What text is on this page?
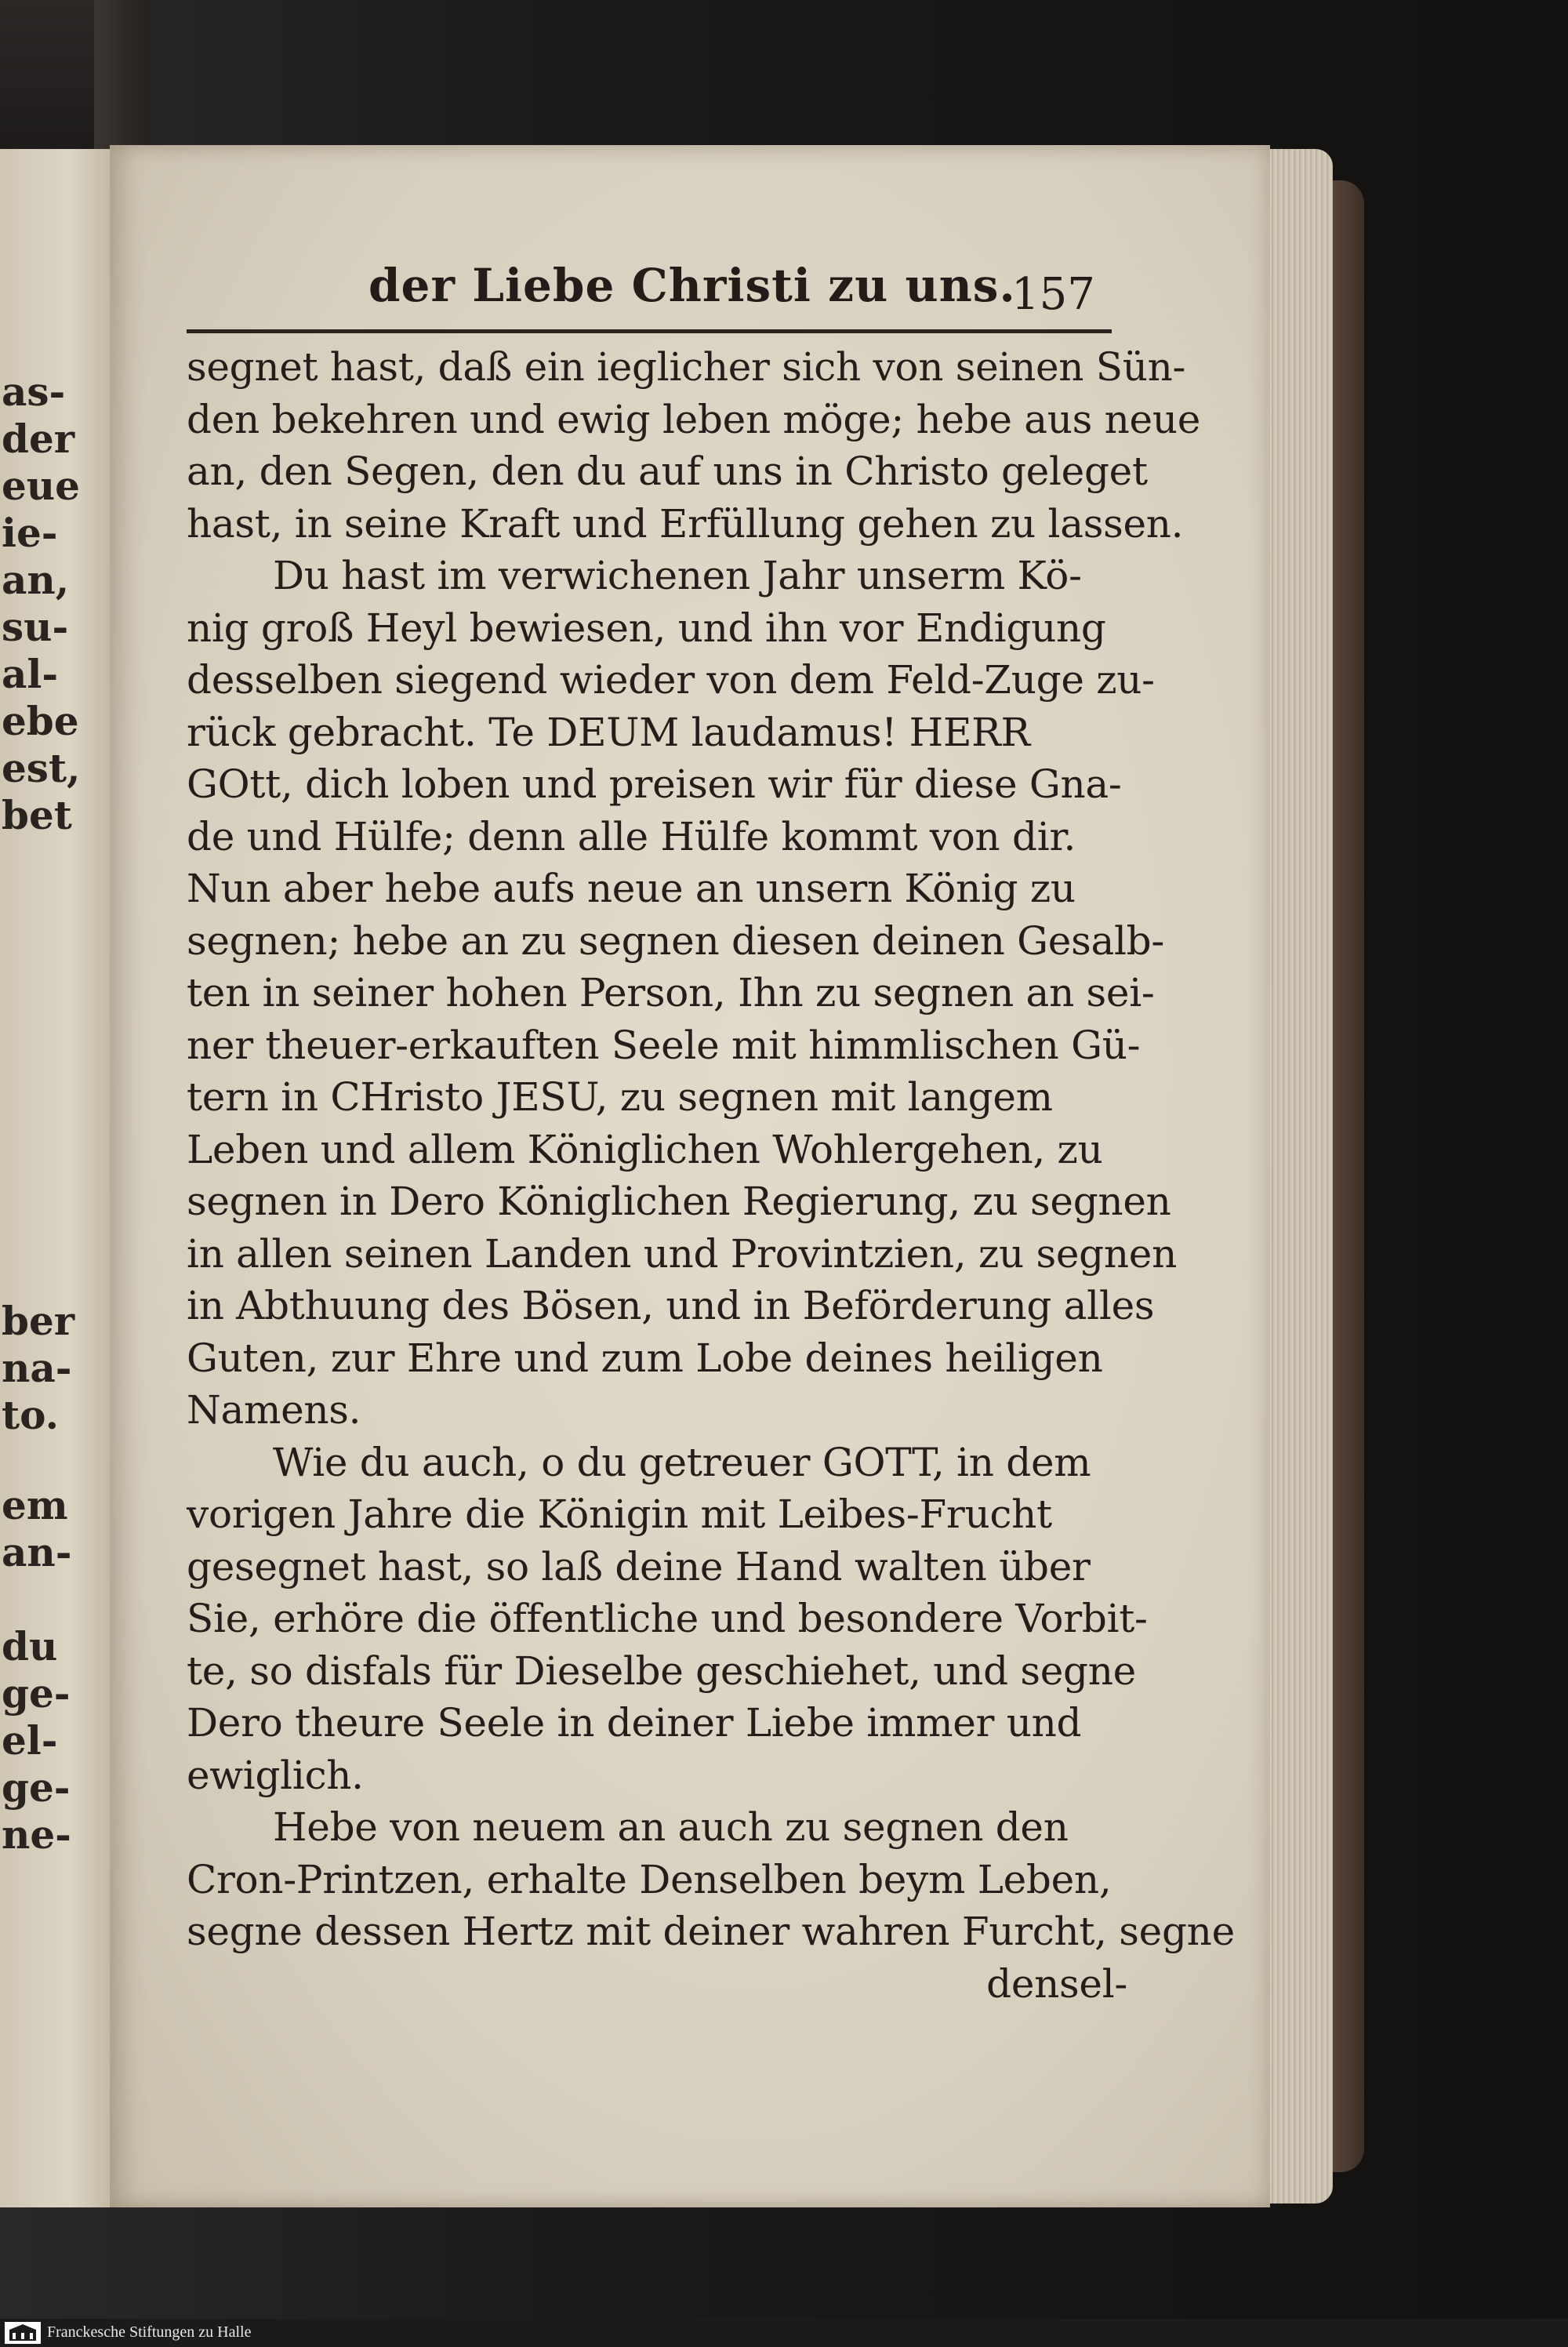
as-
der
eue
ie-
an,
su-
al-
ebe
est,
bet
ber
na-
to.
em
an-
du
ge-
el-
ge-
ne-
der Liebe Christi zu uns.
157
segnet hast, daß ein ieglicher sich von seinen Sün-
den bekehren und ewig leben möge; hebe aus neue
an, den Segen, den du auf uns in Christo geleget
hast, in seine Kraft und Erfüllung gehen zu lassen.
Du hast im verwichenen Jahr unserm Kö-
nig groß Heyl bewiesen, und ihn vor Endigung
desselben siegend wieder von dem Feld-Zuge zu-
rück gebracht. Te DEUM laudamus! HERR
GOtt, dich loben und preisen wir für diese Gna-
de und Hülfe; denn alle Hülfe kommt von dir.
Nun aber hebe aufs neue an unsern König zu
segnen; hebe an zu segnen diesen deinen Gesalb-
ten in seiner hohen Person, Ihn zu segnen an sei-
ner theuer-erkauften Seele mit himmlischen Gü-
tern in CHristo JESU, zu segnen mit langem
Leben und allem Königlichen Wohlergehen, zu
segnen in Dero Königlichen Regierung, zu segnen
in allen seinen Landen und Provintzien, zu segnen
in Abthuung des Bösen, und in Beförderung alles
Guten, zur Ehre und zum Lobe deines heiligen
Namens.
Wie du auch, o du getreuer GOTT, in dem
vorigen Jahre die Königin mit Leibes-Frucht
gesegnet hast, so laß deine Hand walten über
Sie, erhöre die öffentliche und besondere Vorbit-
te, so disfals für Dieselbe geschiehet, und segne
Dero theure Seele in deiner Liebe immer und
ewiglich.
Hebe von neuem an auch zu segnen den
Cron-Printzen, erhalte Denselben beym Leben,
segne dessen Hertz mit deiner wahren Furcht, segne
densel-
Franckesche Stiftungen zu Halle
